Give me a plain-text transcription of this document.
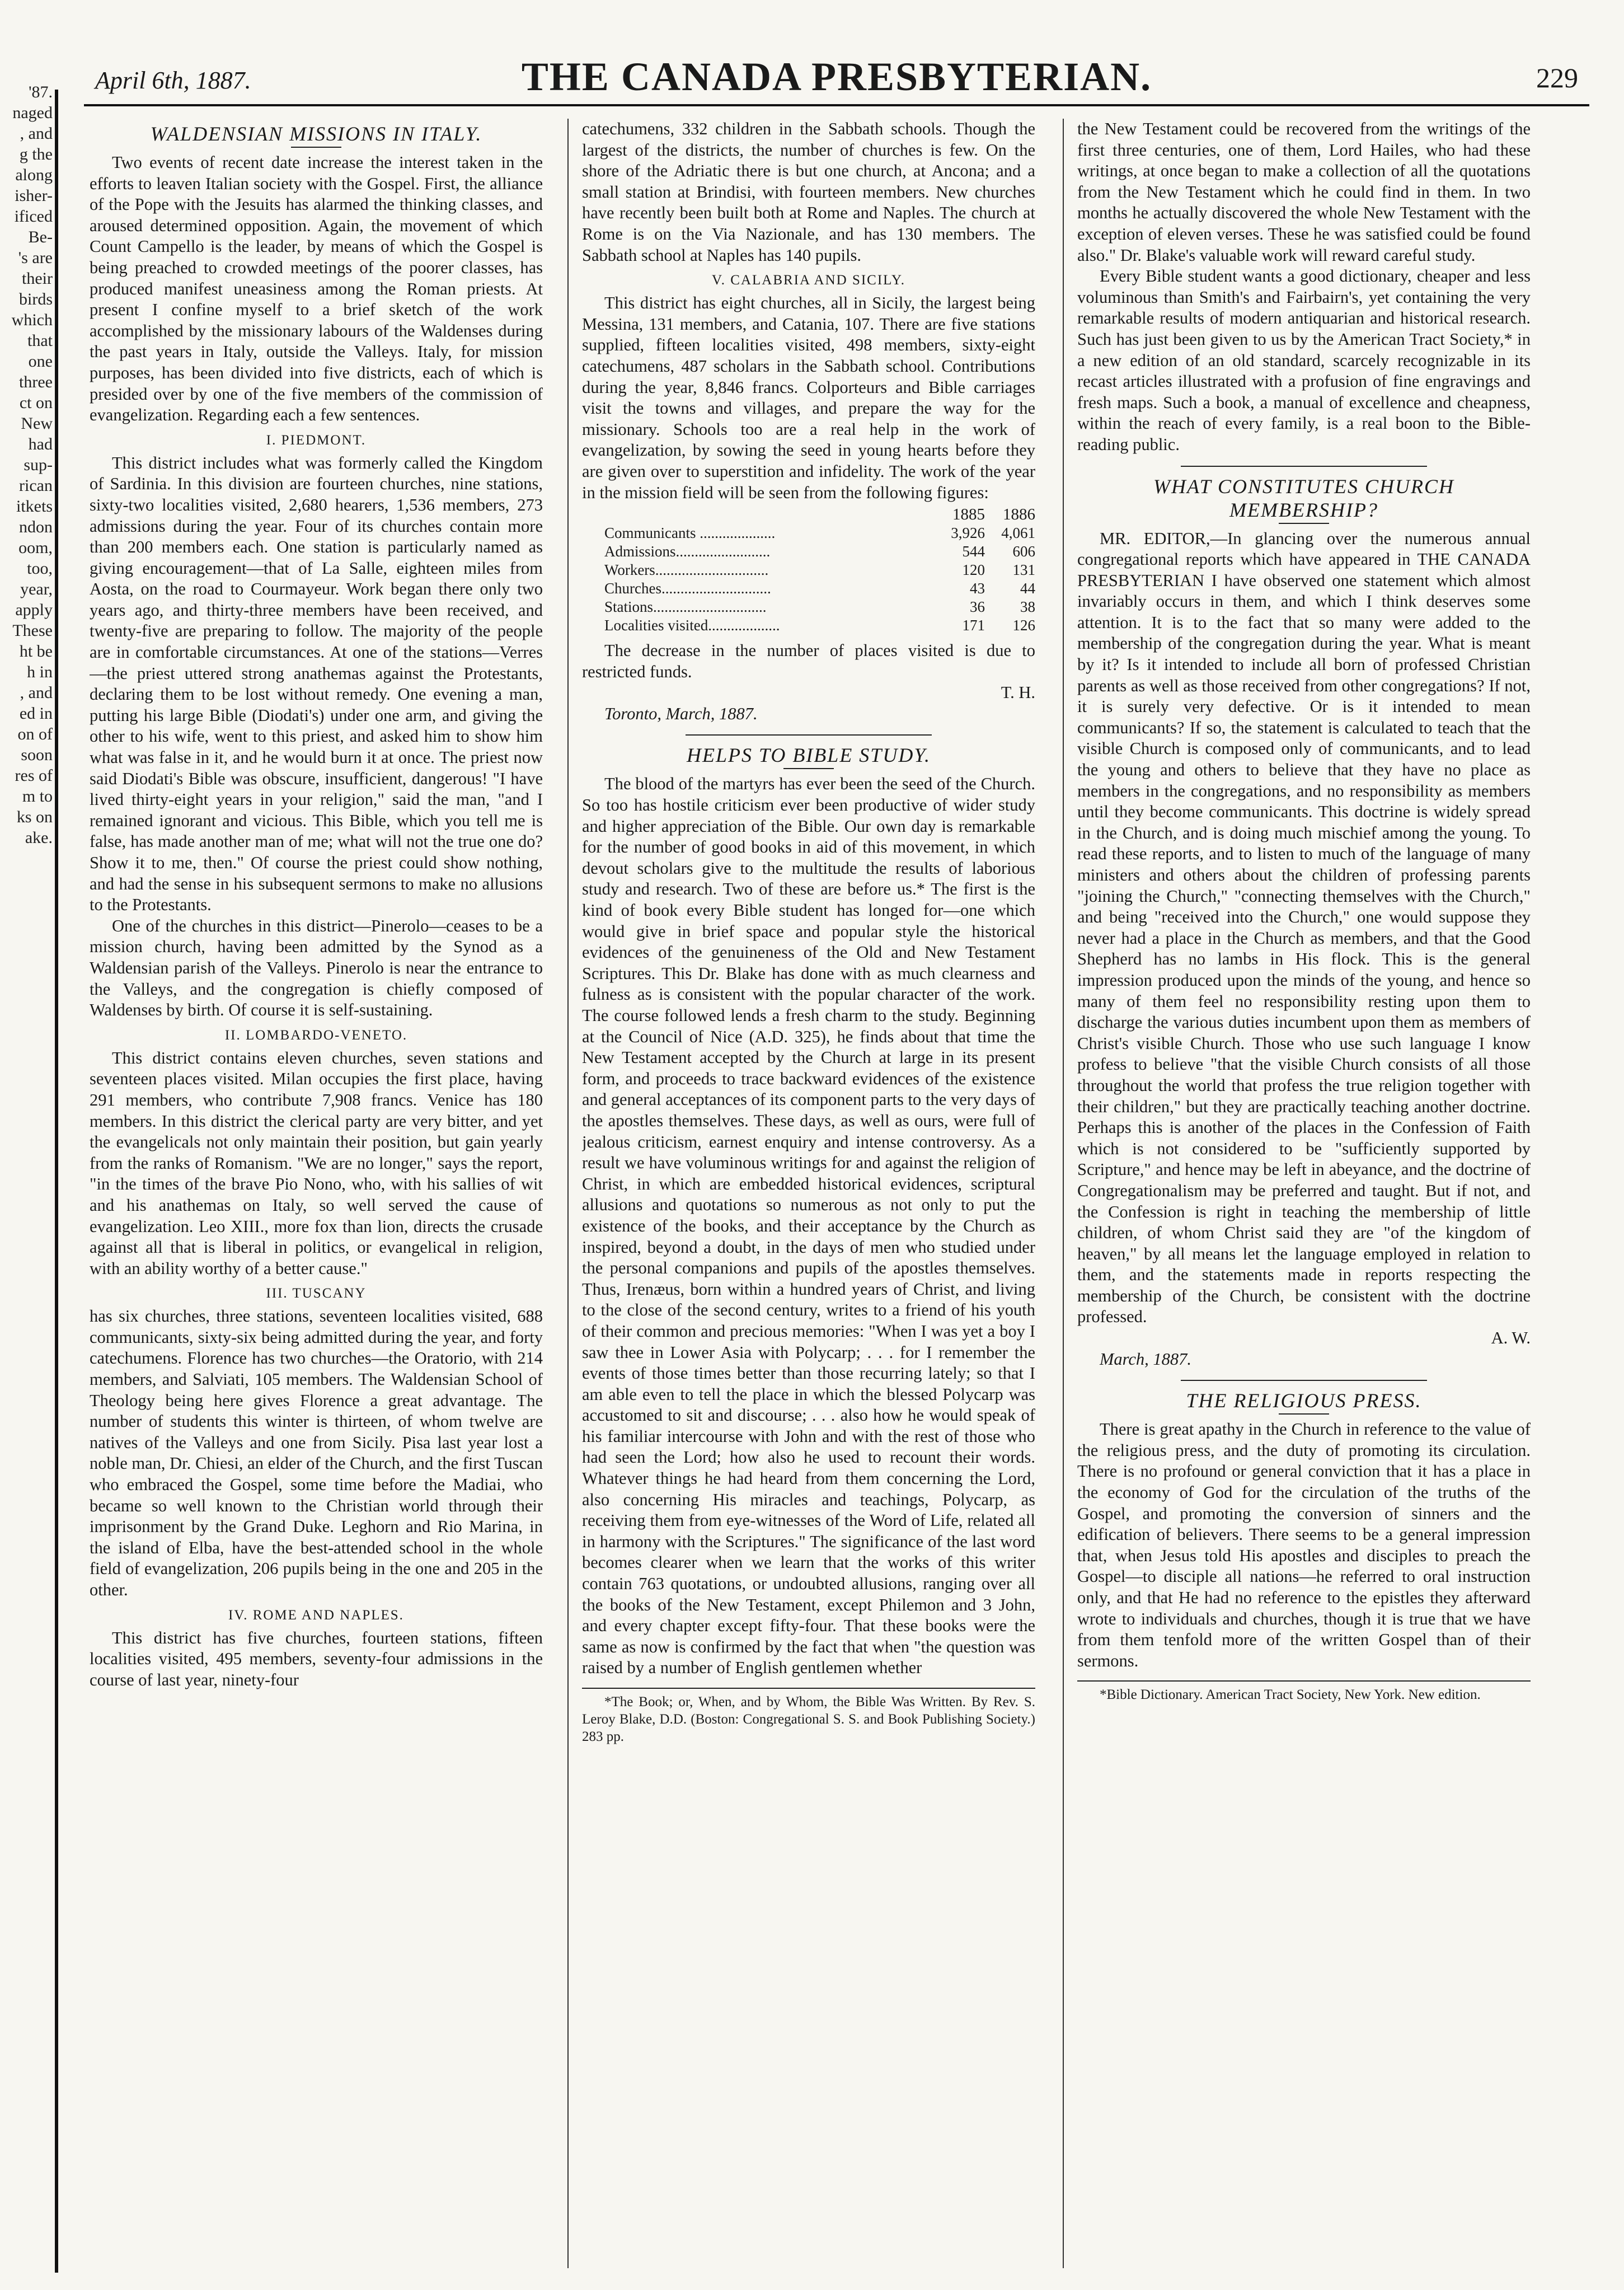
'87.
naged
, and
g the
along
isher-
ificed
Be-
's are
their
birds
which
that
one
three
ct on
New
had
sup-
rican
itkets
ndon
oom,
too,
year,
apply
These
ht be
h in
, and
ed in
on of
soon
res of
m to
ks on
ake.
April 6th, 1887.	THE CANADA PRESBYTERIAN.	229
WALDENSIAN MISSIONS IN ITALY.

Two events of recent date increase the interest taken in the efforts to leaven Italian society with the Gospel. First, the alliance of the Pope with the Jesuits has alarmed the thinking classes, and aroused determined opposition. Again, the movement of which Count Campello is the leader, by means of which the Gospel is being preached to crowded meetings of the poorer classes, has produced manifest uneasiness among the Roman priests. At present I confine myself to a brief sketch of the work accomplished by the missionary labours of the Waldenses during the past years in Italy, outside the Valleys. Italy, for mission purposes, has been divided into five districts, each of which is presided over by one of the five members of the commission of evangelization. Regarding each a few sentences.

I. PIEDMONT.

This district includes what was formerly called the Kingdom of Sardinia. In this division are fourteen churches, nine stations, sixty-two localities visited, 2,680 hearers, 1,536 members, 273 admissions during the year. Four of its churches contain more than 200 members each. One station is particularly named as giving encouragement—that of La Salle, eighteen miles from Aosta, on the road to Courmayeur. Work began there only two years ago, and thirty-three members have been received, and twenty-five are preparing to follow. The majority of the people are in comfortable circumstances. At one of the stations—Verres—the priest uttered strong anathemas against the Protestants, declaring them to be lost without remedy. One evening a man, putting his large Bible (Diodati's) under one arm, and giving the other to his wife, went to this priest, and asked him to show him what was false in it, and he would burn it at once. The priest now said Diodati's Bible was obscure, insufficient, dangerous! "I have lived thirty-eight years in your religion," said the man, "and I remained ignorant and vicious. This Bible, which you tell me is false, has made another man of me; what will not the true one do? Show it to me, then." Of course the priest could show nothing, and had the sense in his subsequent sermons to make no allusions to the Protestants.

One of the churches in this district—Pinerolo—ceases to be a mission church, having been admitted by the Synod as a Waldensian parish of the Valleys. Pinerolo is near the entrance to the Valleys, and the congregation is chiefly composed of Waldenses by birth. Of course it is self-sustaining.

II. LOMBARDO-VENETO.

This district contains eleven churches, seven stations and seventeen places visited. Milan occupies the first place, having 291 members, who contribute 7,908 francs. Venice has 180 members. In this district the clerical party are very bitter, and yet the evangelicals not only maintain their position, but gain yearly from the ranks of Romanism. "We are no longer," says the report, "in the times of the brave Pio Nono, who, with his sallies of wit and his anathemas on Italy, so well served the cause of evangelization. Leo XIII., more fox than lion, directs the crusade against all that is liberal in politics, or evangelical in religion, with an ability worthy of a better cause."

III. TUSCANY

has six churches, three stations, seventeen localities visited, 688 communicants, sixty-six being admitted during the year, and forty catechumens. Florence has two churches—the Oratorio, with 214 members, and Salviati, 105 members. The Waldensian School of Theology being here gives Florence a great advantage. The number of students this winter is thirteen, of whom twelve are natives of the Valleys and one from Sicily. Pisa last year lost a noble man, Dr. Chiesi, an elder of the Church, and the first Tuscan who embraced the Gospel, some time before the Madiai, who became so well known to the Christian world through their imprisonment by the Grand Duke. Leghorn and Rio Marina, in the island of Elba, have the best-attended school in the whole field of evangelization, 206 pupils being in the one and 205 in the other.

IV. ROME AND NAPLES.

This district has five churches, fourteen stations, fifteen localities visited, 495 members, seventy-four admissions in the course of last year, ninety-four

catechumens, 332 children in the Sabbath schools. Though the largest of the districts, the number of churches is few. On the shore of the Adriatic there is but one church, at Ancona; and a small station at Brindisi, with fourteen members. New churches have recently been built both at Rome and Naples. The church at Rome is on the Via Nazionale, and has 130 members. The Sabbath school at Naples has 140 pupils.

V. CALABRIA AND SICILY.

This district has eight churches, all in Sicily, the largest being Messina, 131 members, and Catania, 107. There are five stations supplied, fifteen localities visited, 498 members, sixty-eight catechumens, 487 scholars in the Sabbath school. Contributions during the year, 8,846 francs. Colporteurs and Bible carriages visit the towns and villages, and prepare the way for the missionary. Schools too are a real help in the work of evangelization, by sowing the seed in young hearts before they are given over to superstition and infidelity. The work of the year in the mission field will be seen from the following figures:

	1885	1886
Communicants ....................	3,926	4,061
Admissions.........................	544	606
Workers..............................	120	131
Churches.............................	43	44
Stations..............................	36	38
Localities visited...................	171	126

The decrease in the number of places visited is due to restricted funds.

T. H.

Toronto, March, 1887.

HELPS TO BIBLE STUDY.

The blood of the martyrs has ever been the seed of the Church. So too has hostile criticism ever been productive of wider study and higher appreciation of the Bible. Our own day is remarkable for the number of good books in aid of this movement, in which devout scholars give to the multitude the results of laborious study and research. Two of these are before us.* The first is the kind of book every Bible student has longed for—one which would give in brief space and popular style the historical evidences of the genuineness of the Old and New Testament Scriptures. This Dr. Blake has done with as much clearness and fulness as is consistent with the popular character of the work. The course followed lends a fresh charm to the study. Beginning at the Council of Nice (A.D. 325), he finds about that time the New Testament accepted by the Church at large in its present form, and proceeds to trace backward evidences of the existence and general acceptances of its component parts to the very days of the apostles themselves. These days, as well as ours, were full of jealous criticism, earnest enquiry and intense controversy. As a result we have voluminous writings for and against the religion of Christ, in which are embedded historical evidences, scriptural allusions and quotations so numerous as not only to put the existence of the books, and their acceptance by the Church as inspired, beyond a doubt, in the days of men who studied under the personal companions and pupils of the apostles themselves. Thus, Irenæus, born within a hundred years of Christ, and living to the close of the second century, writes to a friend of his youth of their common and precious memories: "When I was yet a boy I saw thee in Lower Asia with Polycarp; . . . for I remember the events of those times better than those recurring lately; so that I am able even to tell the place in which the blessed Polycarp was accustomed to sit and discourse; . . . also how he would speak of his familiar intercourse with John and with the rest of those who had seen the Lord; how also he used to recount their words. Whatever things he had heard from them concerning the Lord, also concerning His miracles and teachings, Polycarp, as receiving them from eye-witnesses of the Word of Life, related all in harmony with the Scriptures." The significance of the last word becomes clearer when we learn that the works of this writer contain 763 quotations, or undoubted allusions, ranging over all the books of the New Testament, except Philemon and 3 John, and every chapter except fifty-four. That these books were the same as now is confirmed by the fact that when "the question was raised by a number of English gentlemen whether

*The Book; or, When, and by Whom, the Bible Was Written. By Rev. S. Leroy Blake, D.D. (Boston: Congregational S. S. and Book Publishing Society.) 283 pp.

the New Testament could be recovered from the writings of the first three centuries, one of them, Lord Hailes, who had these writings, at once began to make a collection of all the quotations from the New Testament which he could find in them. In two months he actually discovered the whole New Testament with the exception of eleven verses. These he was satisfied could be found also." Dr. Blake's valuable work will reward careful study.

Every Bible student wants a good dictionary, cheaper and less voluminous than Smith's and Fairbairn's, yet containing the very remarkable results of modern antiquarian and historical research. Such has just been given to us by the American Tract Society,* in a new edition of an old standard, scarcely recognizable in its recast articles illustrated with a profusion of fine engravings and fresh maps. Such a book, a manual of excellence and cheapness, within the reach of every family, is a real boon to the Bible-reading public.

WHAT CONSTITUTES CHURCH MEMBERSHIP?

MR. EDITOR,—In glancing over the numerous annual congregational reports which have appeared in THE CANADA PRESBYTERIAN I have observed one statement which almost invariably occurs in them, and which I think deserves some attention. It is to the fact that so many were added to the membership of the congregation during the year. What is meant by it? Is it intended to include all born of professed Christian parents as well as those received from other congregations? If not, it is surely very defective. Or is it intended to mean communicants? If so, the statement is calculated to teach that the visible Church is composed only of communicants, and to lead the young and others to believe that they have no place as members in the congregations, and no responsibility as members until they become communicants. This doctrine is widely spread in the Church, and is doing much mischief among the young. To read these reports, and to listen to much of the language of many ministers and others about the children of professing parents "joining the Church," "connecting themselves with the Church," and being "received into the Church," one would suppose they never had a place in the Church as members, and that the Good Shepherd has no lambs in His flock. This is the general impression produced upon the minds of the young, and hence so many of them feel no responsibility resting upon them to discharge the various duties incumbent upon them as members of Christ's visible Church. Those who use such language I know profess to believe "that the visible Church consists of all those throughout the world that profess the true religion together with their children," but they are practically teaching another doctrine. Perhaps this is another of the places in the Confession of Faith which is not considered to be "sufficiently supported by Scripture," and hence may be left in abeyance, and the doctrine of Congregationalism may be preferred and taught. But if not, and the Confession is right in teaching the membership of little children, of whom Christ said they are "of the kingdom of heaven," by all means let the language employed in relation to them, and the statements made in reports respecting the membership of the Church, be consistent with the doctrine professed.

A. W.

March, 1887.

THE RELIGIOUS PRESS.

There is great apathy in the Church in reference to the value of the religious press, and the duty of promoting its circulation. There is no profound or general conviction that it has a place in the economy of God for the circulation of the truths of the Gospel, and promoting the conversion of sinners and the edification of believers. There seems to be a general impression that, when Jesus told His apostles and disciples to preach the Gospel—to disciple all nations—he referred to oral instruction only, and that He had no reference to the epistles they afterward wrote to individuals and churches, though it is true that we have from them tenfold more of the written Gospel than of their sermons.

*Bible Dictionary. American Tract Society, New York. New edition.
